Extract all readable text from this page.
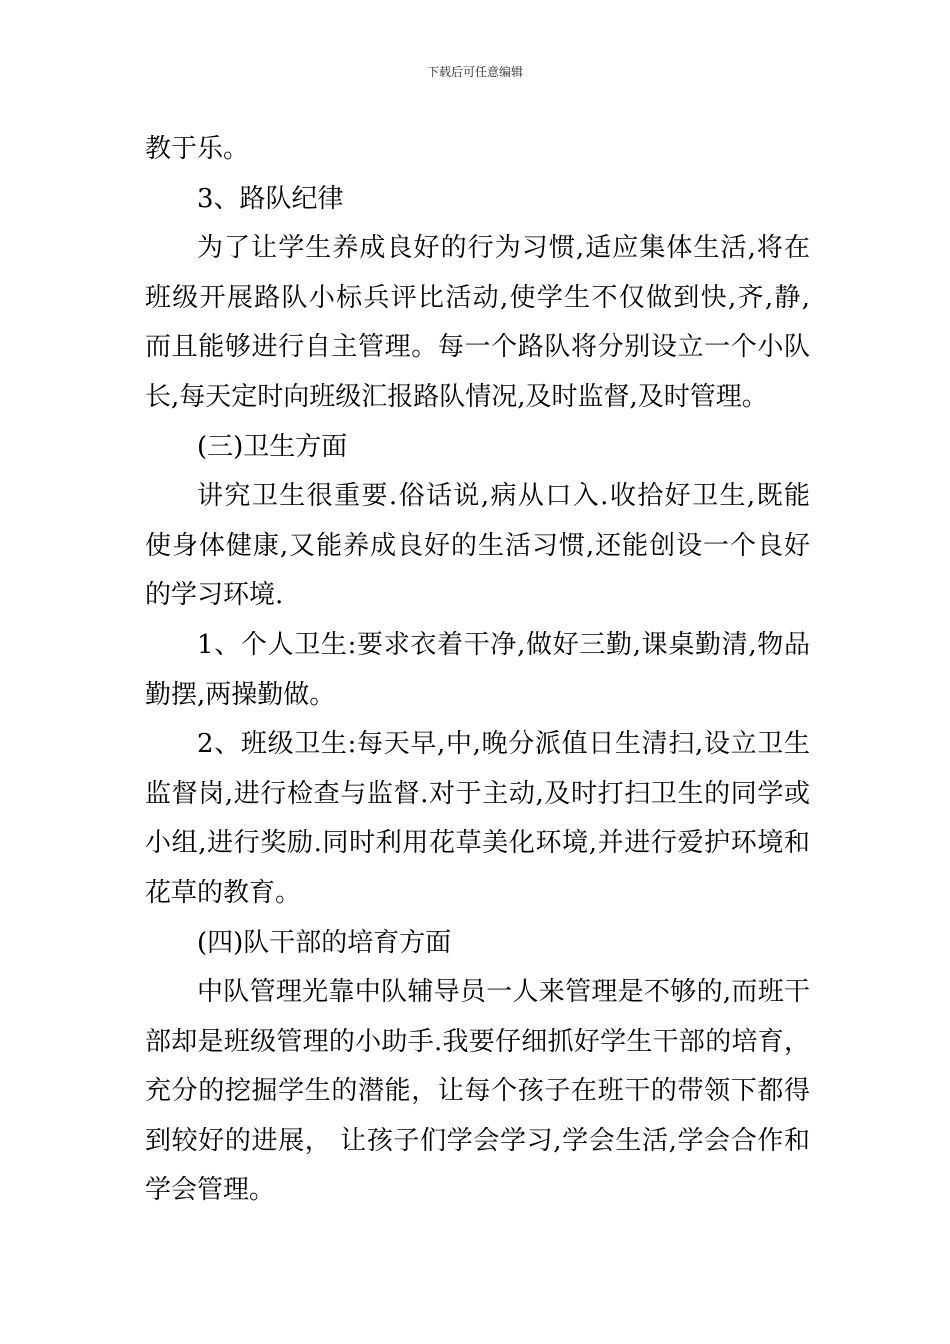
下载后可任意编辑
教于乐。
3、路队纪律
为了让学生养成良好的行为习惯,适应集体生活,将在
班级开展路队小标兵评比活动,使学生不仅做到快,齐,静,
而且能够进行自主管理。每一个路队将分别设立一个小队
长,每天定时向班级汇报路队情况,及时监督,及时管理。
(三)卫生方面
讲究卫生很重要.俗话说,病从口入.收拾好卫生,既能
使身体健康,又能养成良好的生活习惯,还能创设一个良好
的学习环境.
1、个人卫生:要求衣着干净,做好三勤,课桌勤清,物品
勤摆,两操勤做。
2、班级卫生:每天早,中,晚分派值日生清扫,设立卫生
监督岗,进行检查与监督.对于主动,及时打扫卫生的同学或
小组,进行奖励.同时利用花草美化环境,并进行爱护环境和
花草的教育。
(四)队干部的培育方面
中队管理光靠中队辅导员一人来管理是不够的,而班干
部却是班级管理的小助手.我要仔细抓好学生干部的培育，
充分的挖掘学生的潜能，让每个孩子在班干的带领下都得
到较好的进展， 让孩子们学会学习,学会生活,学会合作和
学会管理。
